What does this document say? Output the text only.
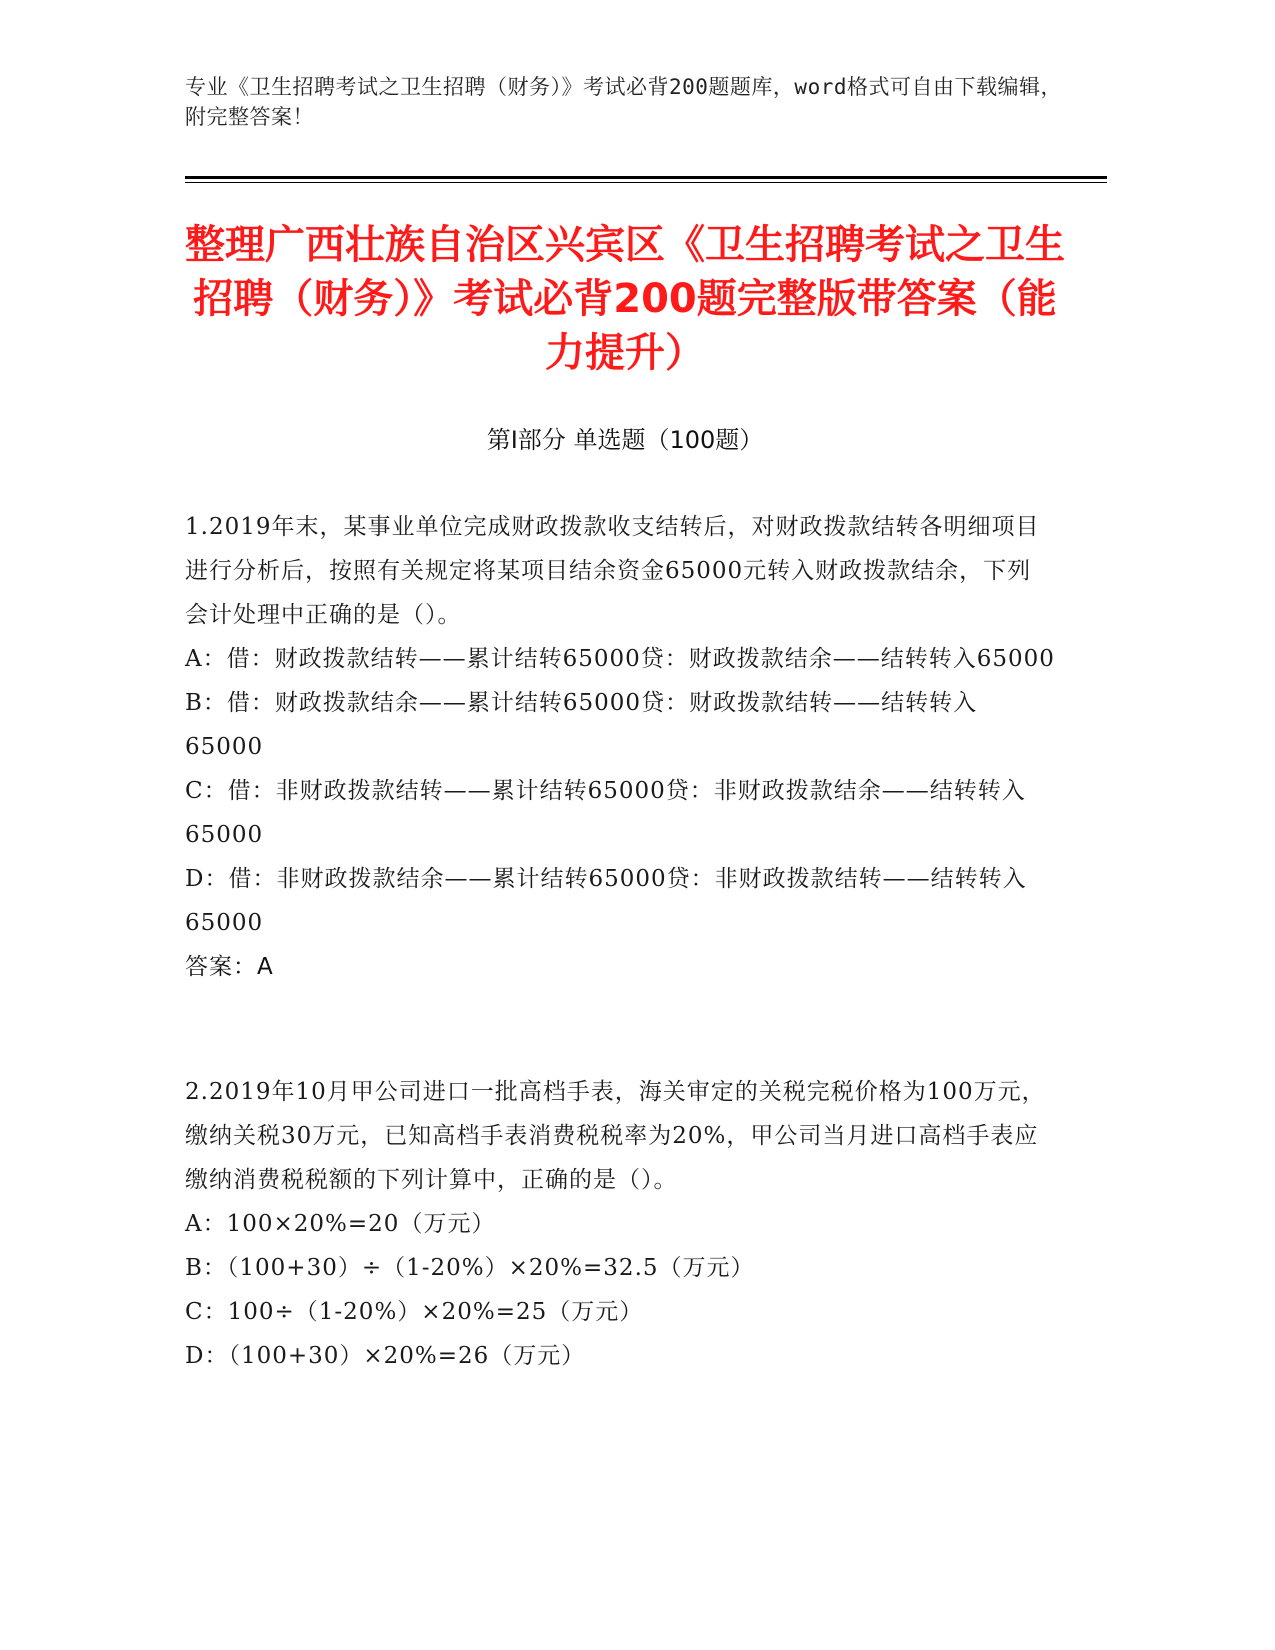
专业《卫生招聘考试之卫生招聘（财务）》考试必背200题题库，word格式可自由下载编辑，附完整答案！
整理广西壮族自治区兴宾区《卫生招聘考试之卫生招聘（财务）》考试必背200题完整版带答案（能力提升）
第I部分 单选题（100题）

1.2019年末，某事业单位完成财政拨款收支结转后，对财政拨款结转各明细项目进行分析后，按照有关规定将某项目结余资金65000元转入财政拨款结余，下列会计处理中正确的是（）。

A：借：财政拨款结转——累计结转65000贷：财政拨款结余——结转转入65000

B：借：财政拨款结余——累计结转65000贷：财政拨款结转——结转转入65000

C：借：非财政拨款结转——累计结转65000贷：非财政拨款结余——结转转入65000

D：借：非财政拨款结余——累计结转65000贷：非财政拨款结转——结转转入65000

答案：A

2.2019年10月甲公司进口一批高档手表，海关审定的关税完税价格为100万元，缴纳关税30万元，已知高档手表消费税税率为20%，甲公司当月进口高档手表应缴纳消费税税额的下列计算中，正确的是（）。

A：100×20%=20（万元）

B：（100+30）÷（1-20%）×20%=32.5（万元）

C：100÷（1-20%）×20%=25（万元）

D：（100+30）×20%=26（万元）
